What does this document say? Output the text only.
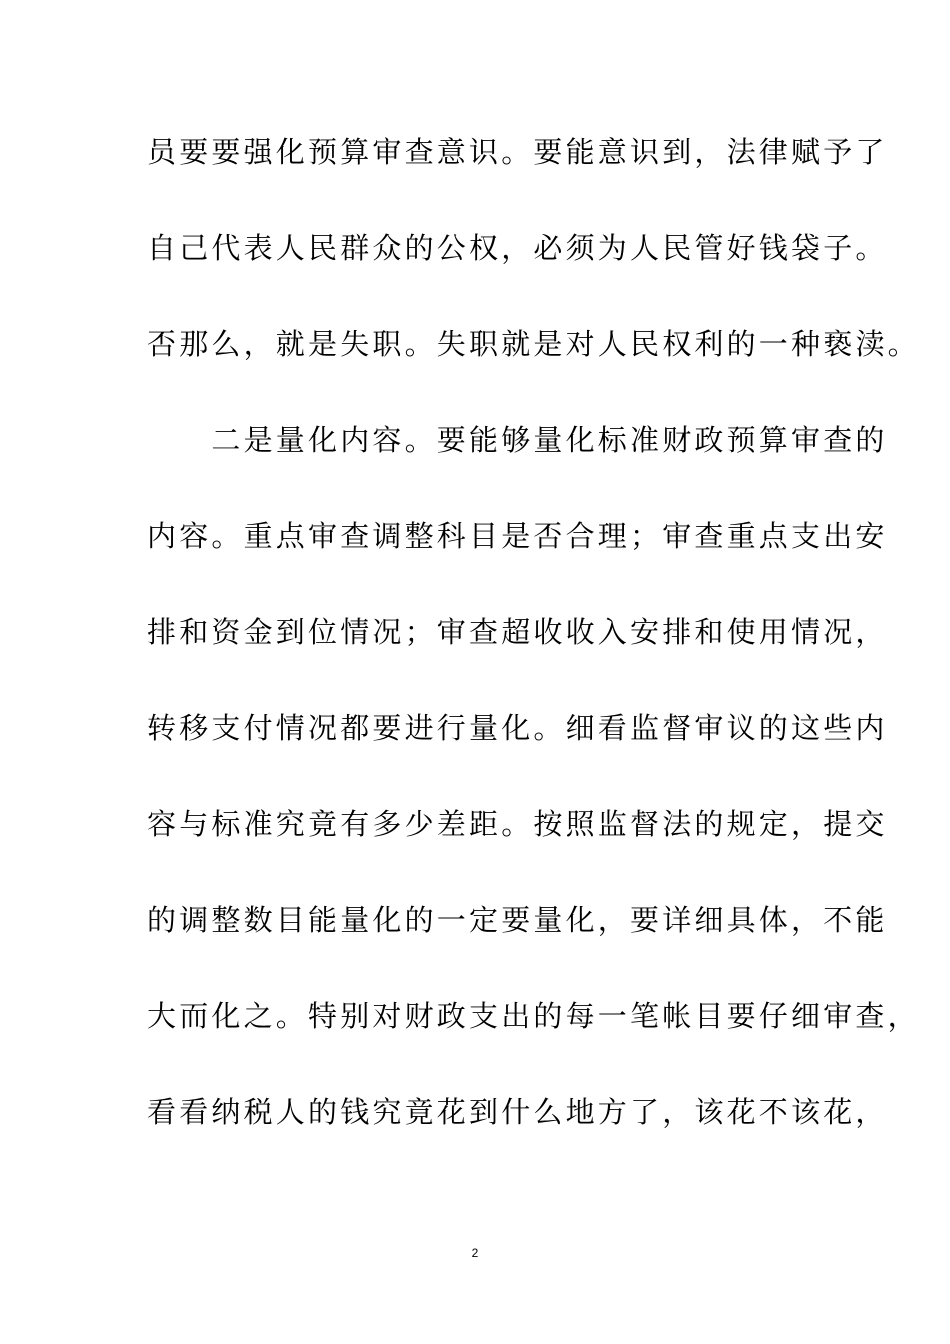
员要要强化预算审查意识。要能意识到，法律赋予了
自己代表人民群众的公权，必须为人民管好钱袋子。
否那么，就是失职。失职就是对人民权利的一种亵渎。
　　二是量化内容。要能够量化标准财政预算审查的
内容。重点审查调整科目是否合理；审查重点支出安
排和资金到位情况；审查超收收入安排和使用情况，
转移支付情况都要进行量化。细看监督审议的这些内
容与标准究竟有多少差距。按照监督法的规定，提交
的调整数目能量化的一定要量化，要详细具体，不能
大而化之。特别对财政支出的每一笔帐目要仔细审查，
看看纳税人的钱究竟花到什么地方了，该花不该花，
2
